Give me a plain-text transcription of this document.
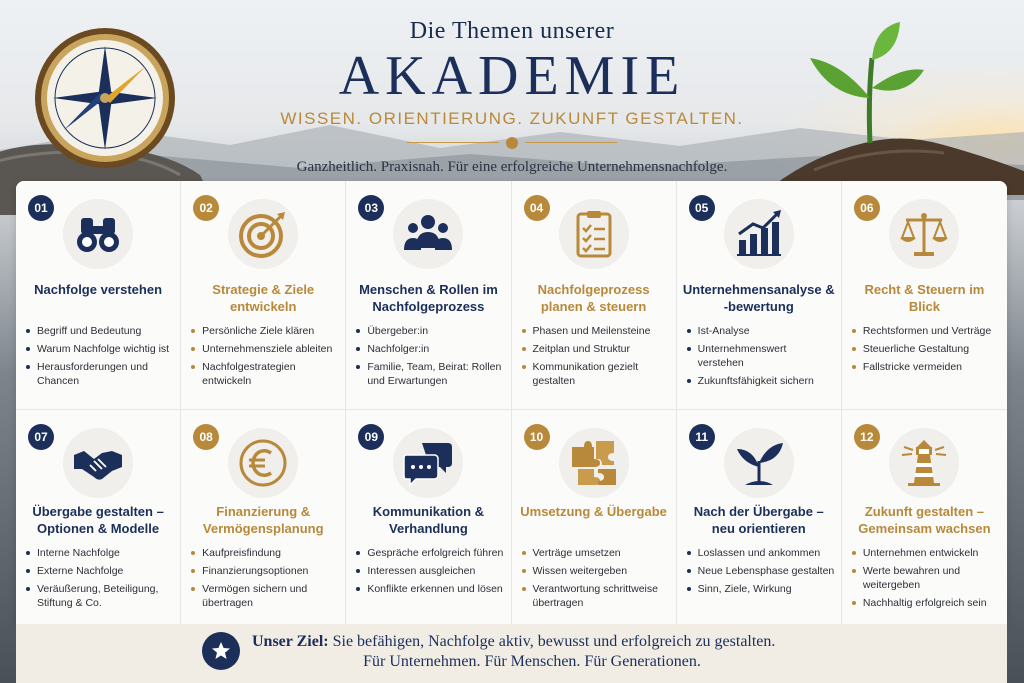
Die Themen unserer
AKADEMIE
WISSEN. ORIENTIERUNG. ZUKUNFT GESTALTEN.
Ganzheitlich. Praxisnah. Für eine erfolgreiche Unternehmensnachfolge.
01
Nachfolge verstehen
Begriff und Bedeutung
Warum Nachfolge wichtig ist
Herausforderungen und Chancen
02
Strategie & Ziele entwickeln
Persönliche Ziele klären
Unternehmensziele ableiten
Nachfolgestrategien entwickeln
03
Menschen & Rollen im Nachfolgeprozess
Übergeber:in
Nachfolger:in
Familie, Team, Beirat: Rollen und Erwartungen
04
Nachfolgeprozess planen & steuern
Phasen und Meilensteine
Zeitplan und Struktur
Kommunikation gezielt gestalten
05
Unternehmensanalyse & -bewertung
Ist-Analyse
Unternehmenswert verstehen
Zukunftsfähigkeit sichern
06
Recht & Steuern im Blick
Rechtsformen und Verträge
Steuerliche Gestaltung
Fallstricke vermeiden
07
Übergabe gestalten – Optionen & Modelle
Interne Nachfolge
Externe Nachfolge
Veräußerung, Beteiligung, Stiftung & Co.
08
Finanzierung & Vermögensplanung
Kaufpreisfindung
Finanzierungsoptionen
Vermögen sichern und übertragen
09
Kommunikation & Verhandlung
Gespräche erfolgreich führen
Interessen ausgleichen
Konflikte erkennen und lösen
10
Umsetzung & Übergabe
Verträge umsetzen
Wissen weitergeben
Verantwortung schrittweise übertragen
11
Nach der Übergabe – neu orientieren
Loslassen und ankommen
Neue Lebensphase gestalten
Sinn, Ziele, Wirkung
12
Zukunft gestalten – Gemeinsam wachsen
Unternehmen entwickeln
Werte bewahren und weitergeben
Nachhaltig erfolgreich sein
Unser Ziel: Sie befähigen, Nachfolge aktiv, bewusst und erfolgreich zu gestalten.
Für Unternehmen. Für Menschen. Für Generationen.
